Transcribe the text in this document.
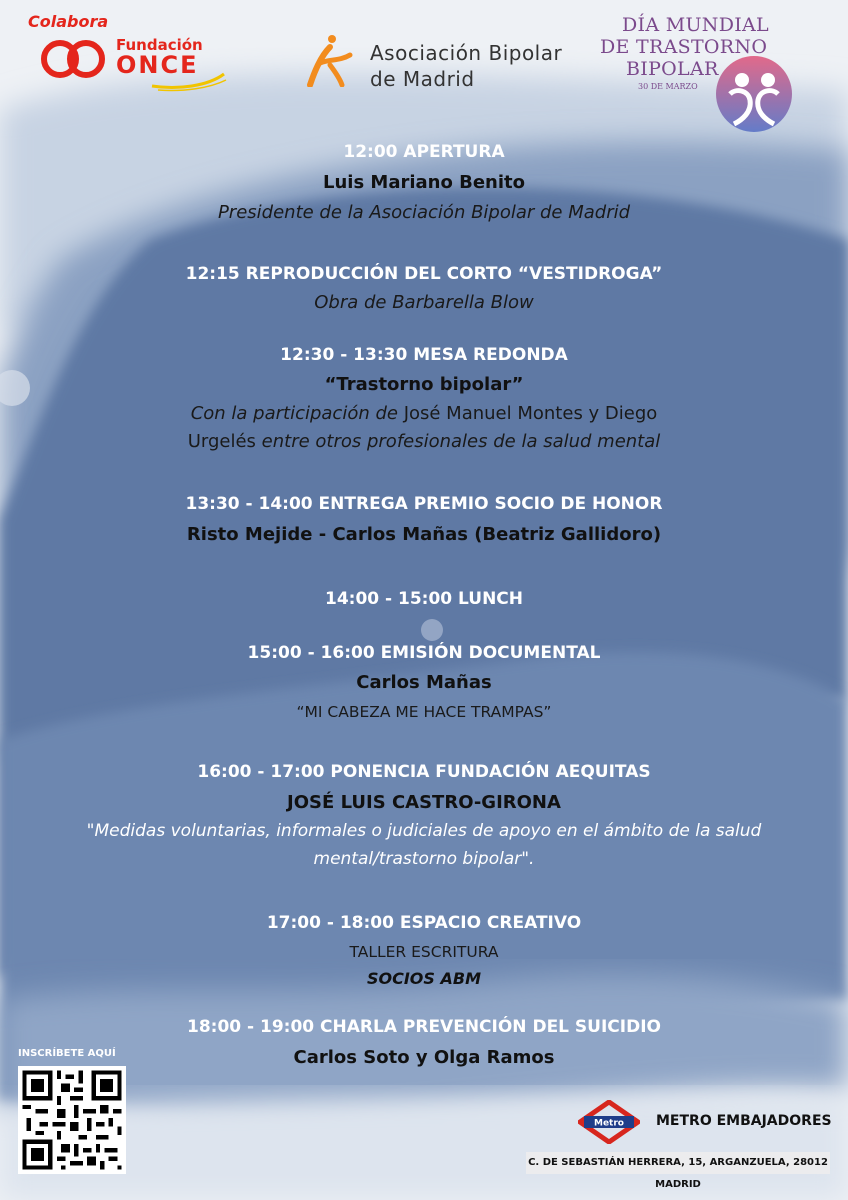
Colabora
Fundación
ONCE	Asociación Bipolar
de Madrid
DÍA MUNDIAL
DE TRASTORNO
BIPOLAR
30 DE MARZO
12:00 APERTURA
Luis Mariano Benito
Presidente de la Asociación Bipolar de Madrid
12:15 REPRODUCCIÓN DEL CORTO “VESTIDROGA”
Obra de Barbarella Blow
12:30 - 13:30 MESA REDONDA
“Trastorno bipolar”
Con la participación de José Manuel Montes y Diego
Urgelés entre otros profesionales de la salud mental
13:30 - 14:00 ENTREGA PREMIO SOCIO DE HONOR
Risto Mejide - Carlos Mañas (Beatriz Gallidoro)
14:00 - 15:00 LUNCH
15:00 - 16:00 EMISIÓN DOCUMENTAL
Carlos Mañas
“MI CABEZA ME HACE TRAMPAS”
16:00 - 17:00 PONENCIA FUNDACIÓN AEQUITAS
JOSÉ LUIS CASTRO-GIRONA
"Medidas voluntarias, informales o judiciales de apoyo en el ámbito de la salud
mental/trastorno bipolar".
17:00 - 18:00 ESPACIO CREATIVO
TALLER ESCRITURA
SOCIOS ABM
18:00 - 19:00 CHARLA PREVENCIÓN DEL SUICIDIO
Carlos Soto y Olga Ramos
INSCRÍBETE AQUÍ
Metro METRO EMBAJADORES
C. DE SEBASTIÁN HERRERA, 15, ARGANZUELA, 28012 MADRID
